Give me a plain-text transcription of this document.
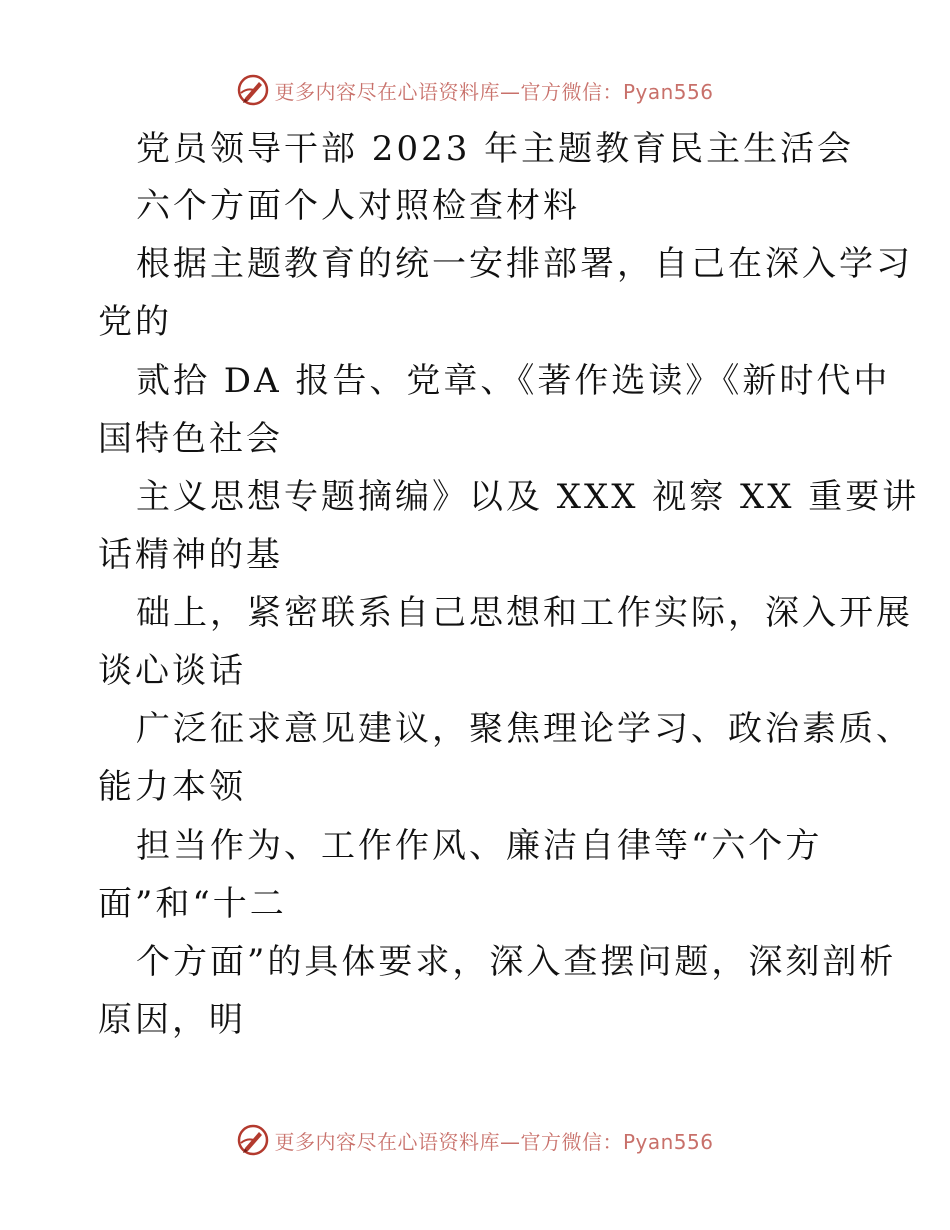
更多内容尽在心语资料库—官方微信：Pyan556
党员领导干部 2023 年主题教育民主生活会
六个方面个人对照检查材料
根据主题教育的统一安排部署，自己在深入学习
党的
贰拾 DA 报告、党章、《著作选读》《新时代中
国特色社会
主义思想专题摘编》以及 XXX 视察 XX 重要讲
话精神的基
础上，紧密联系自己思想和工作实际，深入开展
谈心谈话
广泛征求意见建议，聚焦理论学习、政治素质、
能力本领
担当作为、工作作风、廉洁自律等“六个方
面”和“十二
个方面”的具体要求，深入查摆问题，深刻剖析
原因，明
更多内容尽在心语资料库—官方微信：Pyan556
